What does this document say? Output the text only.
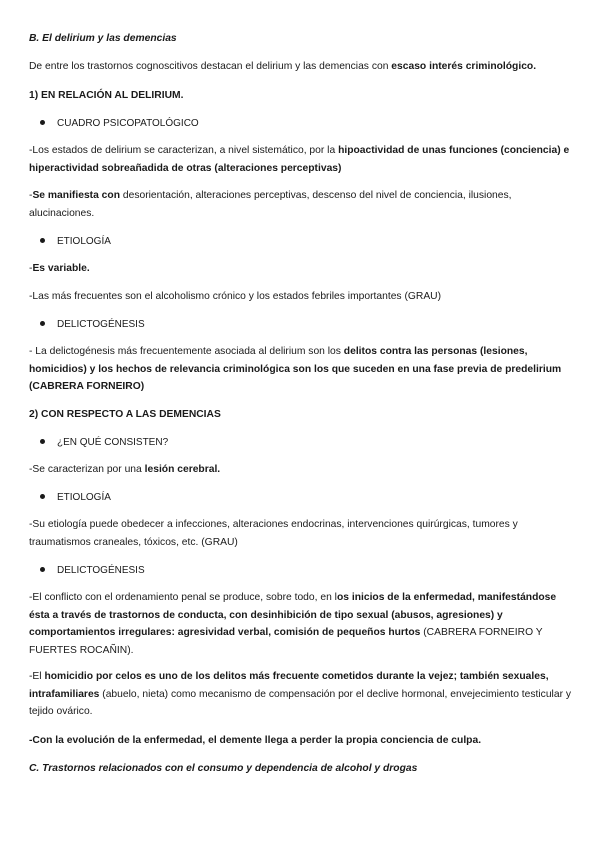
B. El delirium y las demencias

De entre los trastornos cognoscitivos destacan el delirium y las demencias con escaso interés criminológico.

1) EN RELACIÓN AL DELIRIUM.

CUADRO PSICOPATOLÓGICO

-Los estados de delirium se caracterizan, a nivel sistemático, por la hipoactividad de unas funciones (conciencia) e hiperactividad sobreañadida de otras (alteraciones perceptivas)

-Se manifiesta con desorientación, alteraciones perceptivas, descenso del nivel de conciencia, ilusiones, alucinaciones.

ETIOLOGÍA

-Es variable.

-Las más frecuentes son el alcoholismo crónico y los estados febriles importantes (GRAU)

DELICTOGÉNESIS

- La delictogénesis más frecuentemente asociada al delirium son los delitos contra las personas (lesiones, homicidios) y los hechos de relevancia criminológica son los que suceden en una fase previa de predelirium (CABRERA FORNEIRO)

2) CON RESPECTO A LAS DEMENCIAS

¿EN QUÉ CONSISTEN?

-Se caracterizan por una lesión cerebral.

ETIOLOGÍA

-Su etiología puede obedecer a infecciones, alteraciones endocrinas, intervenciones quirúrgicas, tumores y traumatismos craneales, tóxicos, etc. (GRAU)

DELICTOGÉNESIS

-El conflicto con el ordenamiento penal se produce, sobre todo, en los inicios de la enfermedad, manifestándose ésta a través de trastornos de conducta, con desinhibición de tipo sexual (abusos, agresiones) y comportamientos irregulares: agresividad verbal, comisión de pequeños hurtos (CABRERA FORNEIRO Y FUERTES ROCAÑIN).

-El homicidio por celos es uno de los delitos más frecuente cometidos durante la vejez; también sexuales, intrafamiliares (abuelo, nieta) como mecanismo de compensación por el declive hormonal, envejecimiento testicular y tejido ovárico.

-Con la evolución de la enfermedad, el demente llega a perder la propia conciencia de culpa.

C. Trastornos relacionados con el consumo y dependencia de alcohol y drogas
